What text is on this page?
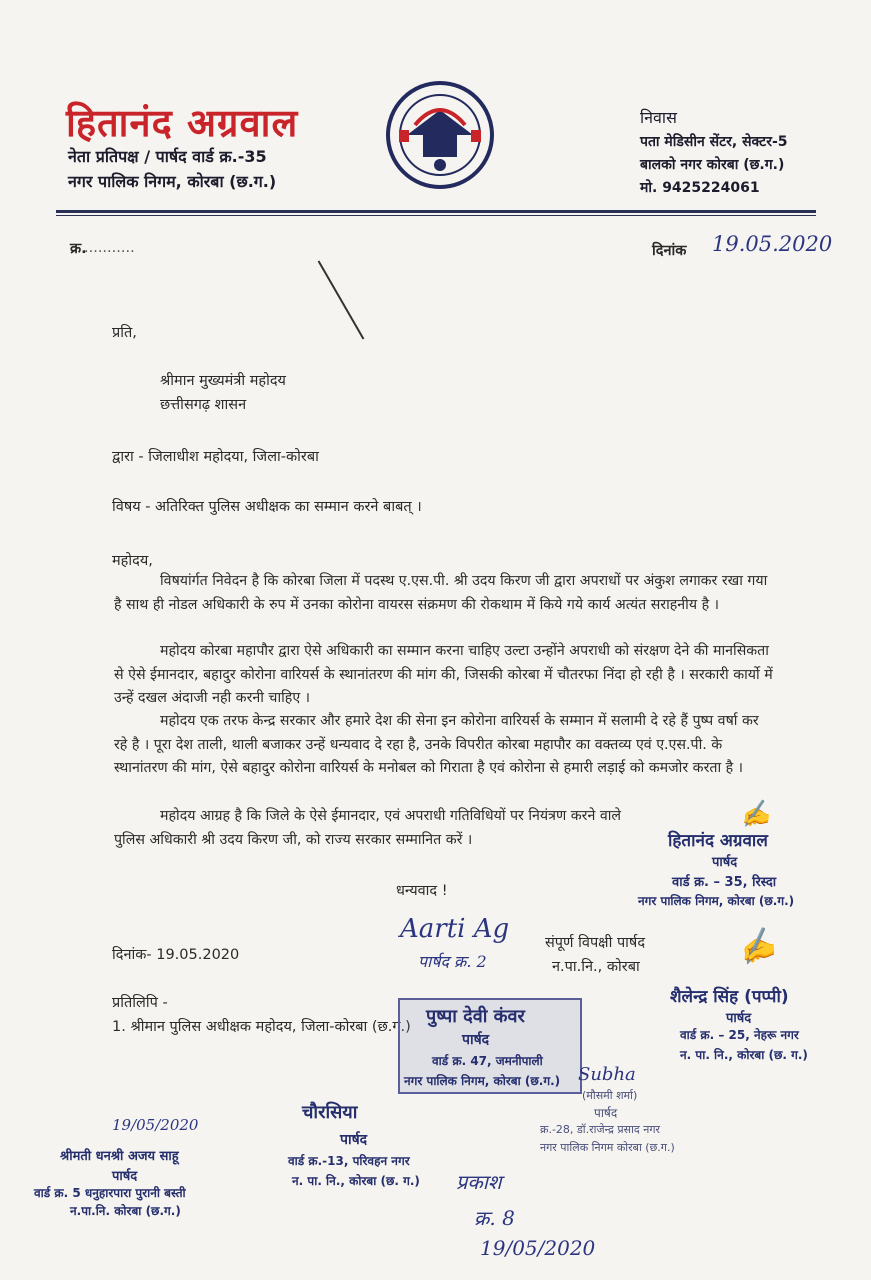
हितानंद अग्रवाल
नेता प्रतिपक्ष / पार्षद वार्ड क्र.-35
नगर पालिक निगम, कोरबा (छ.ग.)
निवास
पता मेडिसीन सेंटर, सेक्टर-5
बालको नगर कोरबा (छ.ग.)
मो. 9425224061
क्र.
...........	दिनांक 19.05.2020
प्रति,
श्रीमान मुख्यमंत्री महोदय
छत्तीसगढ़ शासन
द्वारा - जिलाधीश महोदया, जिला-कोरबा
विषय - अतिरिक्त पुलिस अधीक्षक का सम्मान करने बाबत् ।
महोदय,
विषयांर्गत निवेदन है कि कोरबा जिला में पदस्थ ए.एस.पी. श्री उदय किरण जी द्वारा अपराधों पर अंकुश लगाकर रखा गया है साथ ही नोडल अधिकारी के रुप में उनका कोरोना वायरस संक्रमण की रोकथाम में किये गये कार्य अत्यंत सराहनीय है ।
महोदय कोरबा महापौर द्वारा ऐसे अधिकारी का सम्मान करना चाहिए उल्टा उन्होंने अपराधी को संरक्षण देने की मानसिकता से ऐसे ईमानदार, बहादुर कोरोना वारियर्स के स्थानांतरण की मांग की, जिसकी कोरबा में चौतरफा निंदा हो रही है । सरकारी कार्यो में उन्हें दखल अंदाजी नही करनी चाहिए ।
महोदय एक तरफ केन्द्र सरकार और हमारे देश की सेना इन कोरोना वारियर्स के सम्मान में सलामी दे रहे हैं पुष्प वर्षा कर रहे है । पूरा देश ताली, थाली बजाकर उन्हें धन्यवाद दे रहा है, उनके विपरीत कोरबा महापौर का वक्तव्य एवं ए.एस.पी. के स्थानांतरण की मांग, ऐसे बहादुर कोरोना वारियर्स के मनोबल को गिराता है एवं कोरोना से हमारी लड़ाई को कमजोर करता है ।
महोदय आग्रह है कि जिले के ऐसे ईमानदार, एवं अपराधी गतिविधियों पर नियंत्रण करने वाले पुलिस अधिकारी श्री उदय किरण जी, को राज्य सरकार सम्मानित करें ।
✍
हितानंद अग्रवाल
पार्षद
वार्ड क्र. – 35, रिस्दा
नगर पालिक निगम, कोरबा (छ.ग.)
धन्यवाद !
Aarti Ag
पार्षद क्र. 2
संपूर्ण विपक्षी पार्षद
न.पा.नि., कोरबा
दिनांक- 19.05.2020
प्रतिलिपि -
1. श्रीमान पुलिस अधीक्षक महोदय, जिला-कोरबा (छ.ग.)
✍
शैलेन्द्र सिंह (पप्पी)
पार्षद
वार्ड क्र. – 25, नेहरू नगर
न. पा. नि., कोरबा (छ. ग.)
पुष्पा देवी कंवर
पार्षद
वार्ड क्र. 47, जमनीपाली
नगर पालिक निगम, कोरबा (छ.ग.) Subha
(मौसमी शर्मा)
पार्षद
क्र.-28, डॉ.राजेन्द्र प्रसाद नगर
नगर पालिक निगम कोरबा (छ.ग.)
चौरसिया
पार्षद
वार्ड क्र.-13, परिवहन नगर
न. पा. नि., कोरबा (छ. ग.)
19/05/2020
श्रीमती धनश्री अजय साहू
पार्षद
वार्ड क्र. 5 धनुहारपारा पुरानी बस्ती
न.पा.नि. कोरबा (छ.ग.)
प्रकाश
क्र. 8
19/05/2020
